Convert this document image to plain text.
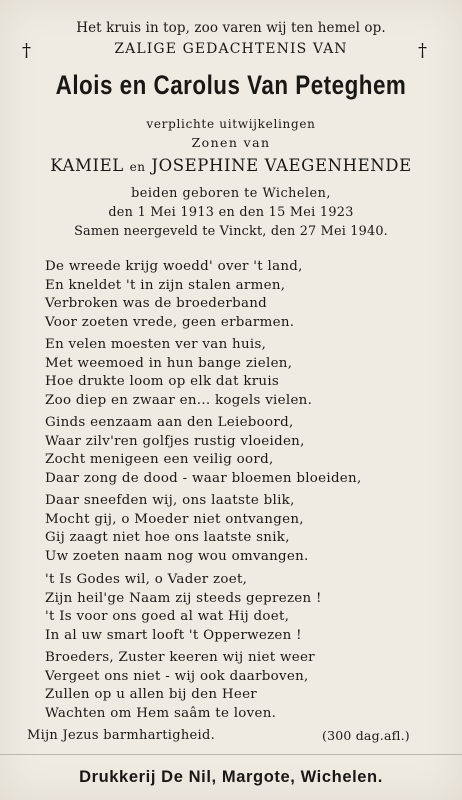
Het kruis in top, zoo varen wij ten hemel op.
†	ZALIGE GEDACHTENIS VAN	†
Alois en Carolus Van Peteghem
verplichte uitwijkelingen
Zonen van
KAMIEL en JOSEPHINE VAEGENHENDE
beiden geboren te Wichelen,
den 1 Mei 1913 en den 15 Mei 1923
Samen neergeveld te Vinckt, den 27 Mei 1940.
De wreede krijg woedd' over 't land,
En kneldet 't in zijn stalen armen,
Verbroken was de broederband
Voor zoeten vrede, geen erbarmen.
En velen moesten ver van huis,
Met weemoed in hun bange zielen,
Hoe drukte loom op elk dat kruis
Zoo diep en zwaar en... kogels vielen.
Ginds eenzaam aan den Leieboord,
Waar zilv'ren golfjes rustig vloeiden,
Zocht menigeen een veilig oord,
Daar zong de dood - waar bloemen bloeiden,
Daar sneefden wij, ons laatste blik,
Mocht gij, o Moeder niet ontvangen,
Gij zaagt niet hoe ons laatste snik,
Uw zoeten naam nog wou omvangen.
't Is Godes wil, o Vader zoet,
Zijn heil'ge Naam zij steeds geprezen !
't Is voor ons goed al wat Hij doet,
In al uw smart looft 't Opperwezen !
Broeders, Zuster keeren wij niet weer
Vergeet ons niet - wij ook daarboven,
Zullen op u allen bij den Heer
Wachten om Hem saâm te loven.
Mijn Jezus barmhartigheid.	(300 dag.afl.)
Drukkerij De Nil, Margote, Wichelen.
